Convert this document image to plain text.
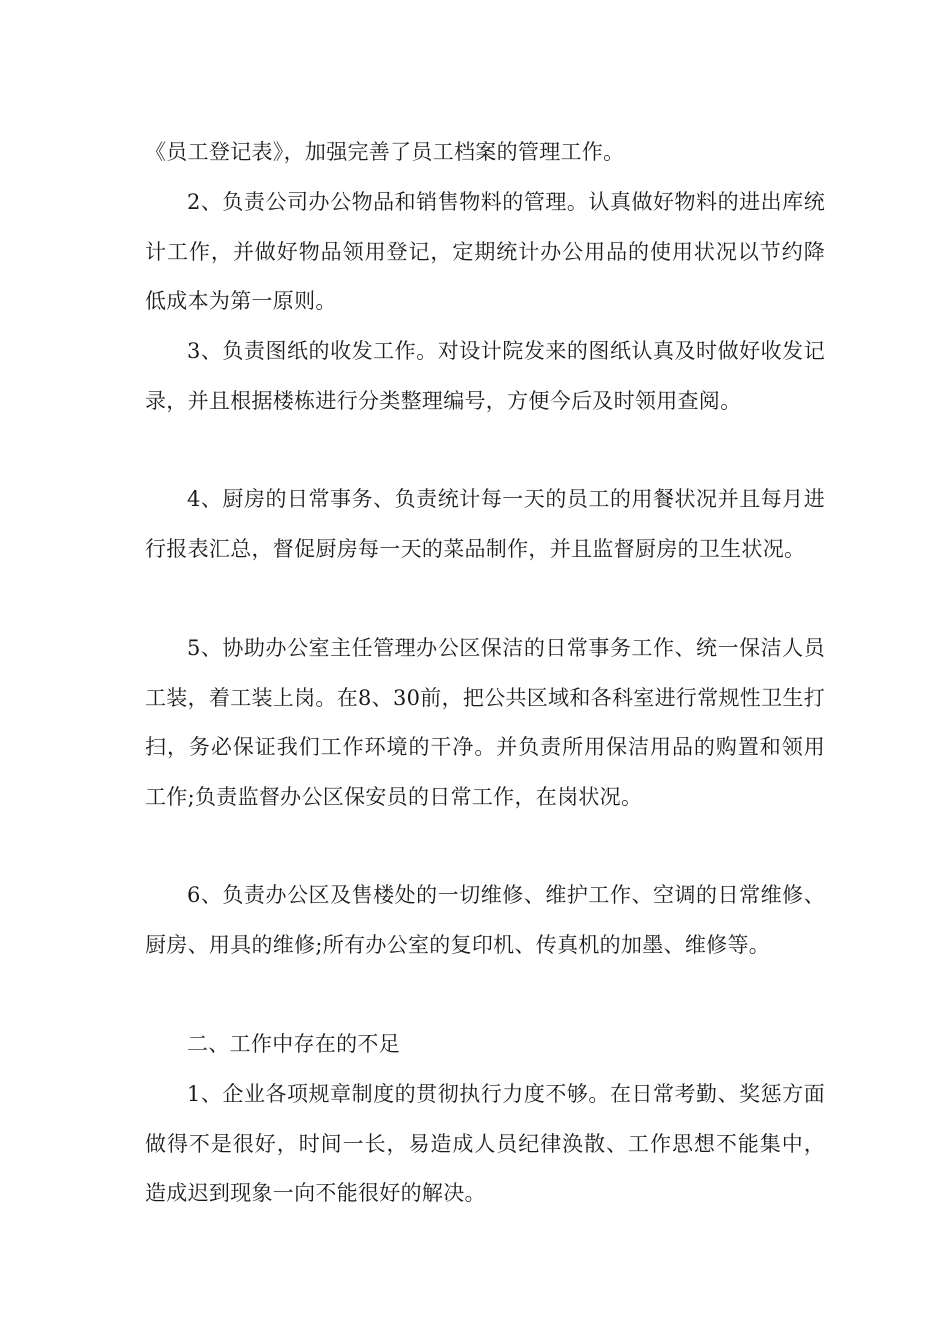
《员工登记表》，加强完善了员工档案的管理工作。

2、负责公司办公物品和销售物料的管理。认真做好物料的进出库统计工作，并做好物品领用登记，定期统计办公用品的使用状况以节约降低成本为第一原则。

3、负责图纸的收发工作。对设计院发来的图纸认真及时做好收发记录，并且根据楼栋进行分类整理编号，方便今后及时领用查阅。

4、厨房的日常事务、负责统计每一天的员工的用餐状况并且每月进行报表汇总，督促厨房每一天的菜品制作，并且监督厨房的卫生状况。

5、协助办公室主任管理办公区保洁的日常事务工作、统一保洁人员工装，着工装上岗。在8、30前，把公共区域和各科室进行常规性卫生打扫，务必保证我们工作环境的干净。并负责所用保洁用品的购置和领用工作;负责监督办公区保安员的日常工作，在岗状况。

6、负责办公区及售楼处的一切维修、维护工作、空调的日常维修、厨房、用具的维修;所有办公室的复印机、传真机的加墨、维修等。

二、工作中存在的不足

1、企业各项规章制度的贯彻执行力度不够。在日常考勤、奖惩方面做得不是很好，时间一长，易造成人员纪律涣散、工作思想不能集中，造成迟到现象一向不能很好的解决。
